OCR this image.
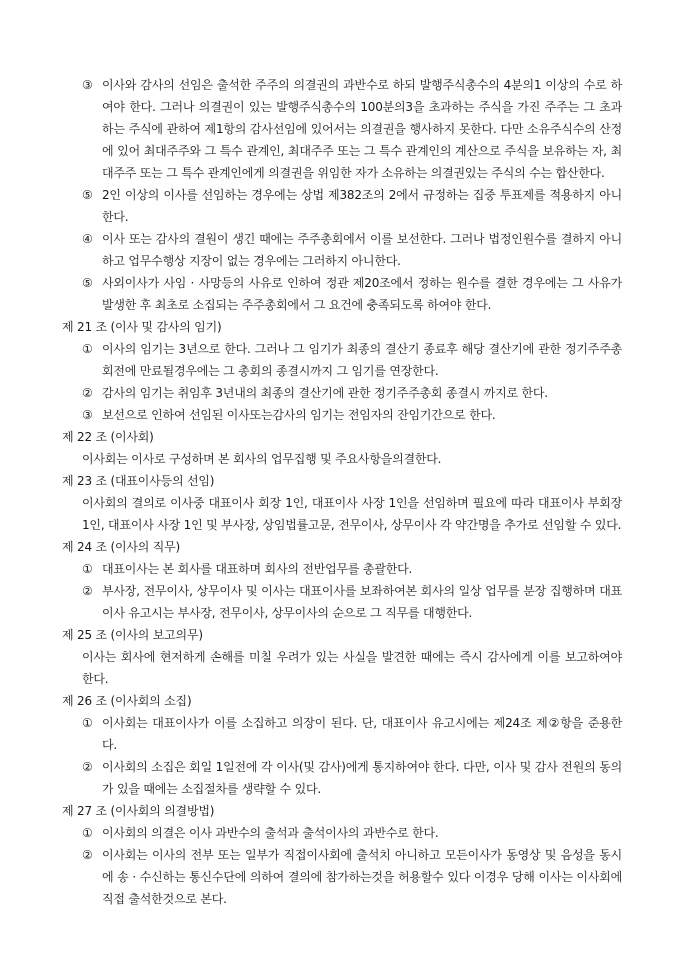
③ 이사와 감사의 선임은 출석한 주주의 의결권의 과반수로 하되 발행주식총수의 4분의1 이상의 수로 하여야 한다. 그러나 의결권이 있는 발행주식총수의 100분의3을 초과하는 주식을 가진 주주는 그 초과하는 주식에 관하여 제1항의 감사선임에 있어서는 의결권을 행사하지 못한다. 다만 소유주식수의 산정에 있어 최대주주와 그 특수 관계인, 최대주주 또는 그 특수 관계인의 계산으로 주식을 보유하는 자, 최대주주 또는 그 특수 관계인에게 의결권을 위임한 자가 소유하는 의결권있는 주식의 수는 합산한다.
⑤ 2인 이상의 이사를 선임하는 경우에는 상법 제382조의 2에서 규정하는 집중 투표제를 적용하지 아니한다.
④ 이사 또는 감사의 결원이 생긴 때에는 주주총회에서 이를 보선한다. 그러나 법정인원수를 결하지 아니하고 업무수행상 지장이 없는 경우에는 그러하지 아니한다.
⑤ 사외이사가 사임 · 사망등의 사유로 인하여 정관 제20조에서 정하는 원수를 결한 경우에는 그 사유가 발생한 후 최초로 소집되는 주주총회에서 그 요건에 충족되도록 하여야 한다.
제 21 조 (이사 및 감사의 임기)
① 이사의 임기는 3년으로 한다. 그러나 그 임기가 최종의 결산기 종료후 해당 결산기에 관한 정기주주총회전에 만료될경우에는 그 총회의 종결시까지 그 임기를 연장한다.
② 감사의 임기는 취임후 3년내의 최종의 결산기에 관한 정기주주총회 종결시 까지로 한다.
③ 보선으로 인하여 선임된 이사또는감사의 임기는 전임자의 잔임기간으로 한다.
제 22 조 (이사회)
이사회는 이사로 구성하며 본 회사의 업무집행 및 주요사항을의결한다.
제 23 조 (대표이사등의 선임)
이사회의 결의로 이사중 대표이사 회장 1인, 대표이사 사장 1인을 선임하며 필요에 따라 대표이사 부회장 1인, 대표이사 사장 1인 및 부사장, 상임법률고문, 전무이사, 상무이사 각 약간명을 추가로 선임할 수 있다.
제 24 조 (이사의 직무)
① 대표이사는 본 회사를 대표하며 회사의 전반업무를 총괄한다.
② 부사장, 전무이사, 상무이사 및 이사는 대표이사를 보좌하여본 회사의 일상 업무를 분장 집행하며 대표이사 유고시는 부사장, 전무이사, 상무이사의 순으로 그 직무를 대행한다.
제 25 조 (이사의 보고의무)
이사는 회사에 현저하게 손해를 미칠 우려가 있는 사실을 발견한 때에는 즉시 감사에게 이를 보고하여야 한다.
제 26 조 (이사회의 소집)
① 이사회는 대표이사가 이를 소집하고 의장이 된다. 단, 대표이사 유고시에는 제24조 제②항을 준용한다.
② 이사회의 소집은 회일 1일전에 각 이사(및 감사)에게 통지하여야 한다. 다만, 이사 및 감사 전원의 동의가 있을 때에는 소집절차를 생략할 수 있다.
제 27 조 (이사회의 의결방법)
① 이사회의 의결은 이사 과반수의 출석과 출석이사의 과반수로 한다.
② 이사회는 이사의 전부 또는 일부가 직접이사회에 출석치 아니하고 모든이사가 동영상 및 음성을 동시에 송 · 수신하는 통신수단에 의하여 결의에 참가하는것을 허용할수 있다 이경우 당해 이사는 이사회에 직접 출석한것으로 본다.
